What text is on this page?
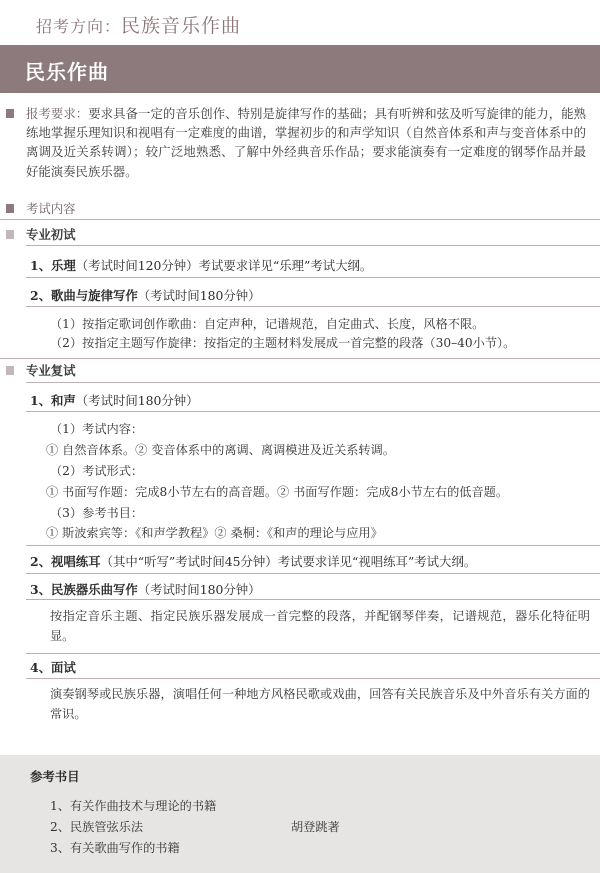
招考方向：民族音乐作曲
民乐作曲
报考要求：要求具备一定的音乐创作、特别是旋律写作的基础；具有听辨和弦及听写旋律的能力，能熟练地掌握乐理知识和视唱有一定难度的曲谱，掌握初步的和声学知识（自然音体系和声与变音体系中的离调及近关系转调）；较广泛地熟悉、了解中外经典音乐作品；要求能演奏有一定难度的钢琴作品并最好能演奏民族乐器。
考试内容
专业初试
1、乐理（考试时间120分钟）考试要求详见“乐理”考试大纲。
2、歌曲与旋律写作（考试时间180分钟）
（1）按指定歌词创作歌曲：自定声种，记谱规范，自定曲式、长度，风格不限。
（2）按指定主题写作旋律：按指定的主题材料发展成一首完整的段落（30–40小节）。
专业复试
1、和声（考试时间180分钟）
（1）考试内容：
① 自然音体系。② 变音体系中的离调、离调模进及近关系转调。
（2）考试形式：
① 书面写作题：完成8小节左右的高音题。② 书面写作题：完成8小节左右的低音题。
（3）参考书目：
① 斯波索宾等：《和声学教程》② 桑桐：《和声的理论与应用》
2、视唱练耳（其中“听写”考试时间45分钟）考试要求详见“视唱练耳”考试大纲。
3、民族器乐曲写作（考试时间180分钟）
按指定音乐主题、指定民族乐器发展成一首完整的段落，并配钢琴伴奏，记谱规范，器乐化特征明显。
4、面试
演奏钢琴或民族乐器，演唱任何一种地方风格民歌或戏曲，回答有关民族音乐及中外音乐有关方面的常识。
参考书目
1、有关作曲技术与理论的书籍
2、民族管弦乐法	胡登跳著
3、有关歌曲写作的书籍
